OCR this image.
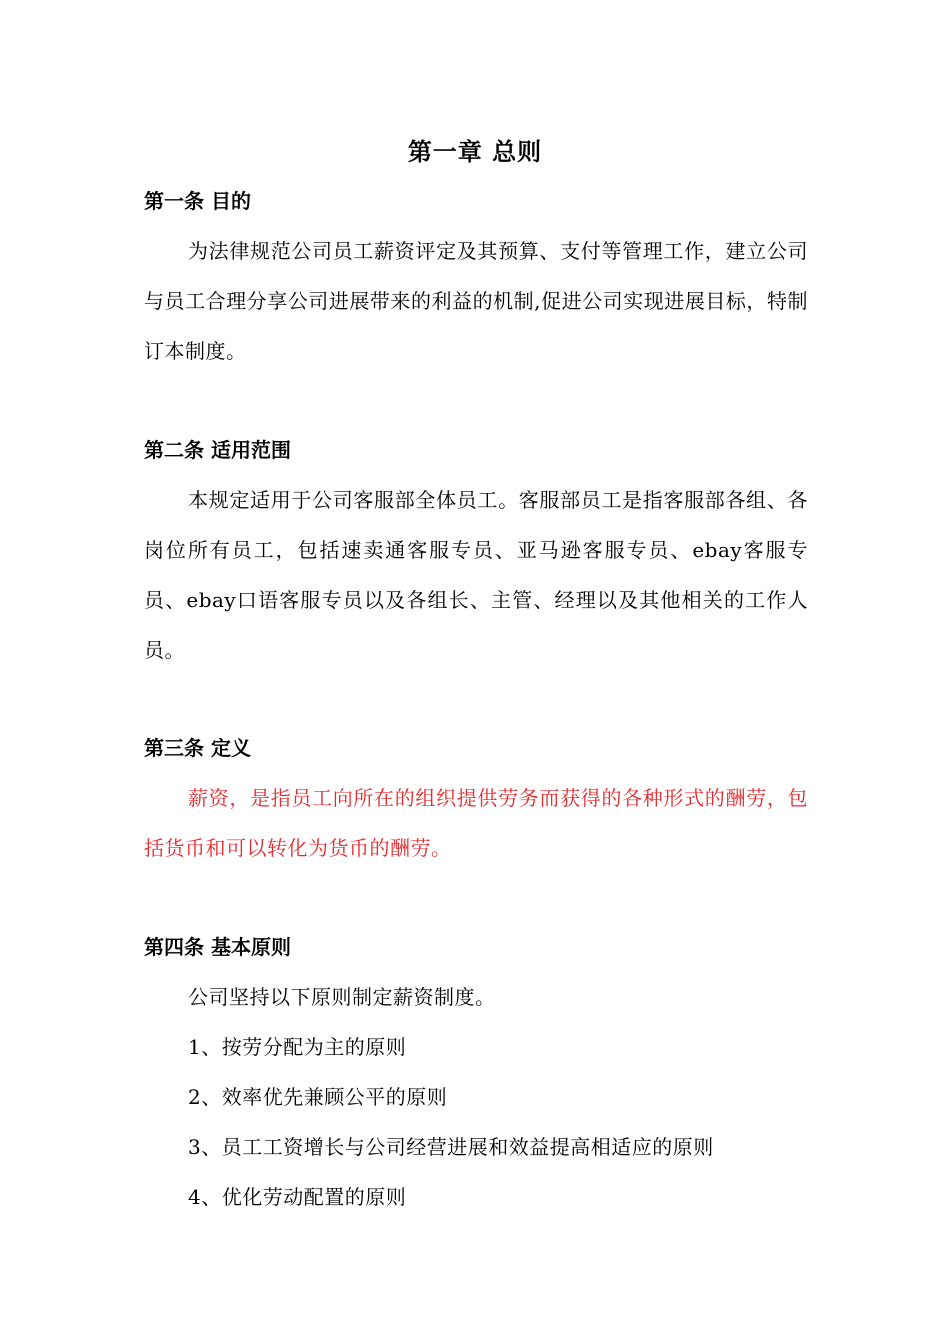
第一章 总则
第一条 目的
为法律规范公司员工薪资评定及其预算、支付等管理工作，建立公司与员工合理分享公司进展带来的利益的机制,促进公司实现进展目标，特制订本制度。
第二条 适用范围
本规定适用于公司客服部全体员工。客服部员工是指客服部各组、各岗位所有员工，包括速卖通客服专员、亚马逊客服专员、ebay客服专员、ebay口语客服专员以及各组长、主管、经理以及其他相关的工作人员。
第三条 定义
薪资，是指员工向所在的组织提供劳务而获得的各种形式的酬劳，包括货币和可以转化为货币的酬劳。
第四条 基本原则
公司坚持以下原则制定薪资制度。
1、按劳分配为主的原则
2、效率优先兼顾公平的原则
3、员工工资增长与公司经营进展和效益提高相适应的原则
4、优化劳动配置的原则
